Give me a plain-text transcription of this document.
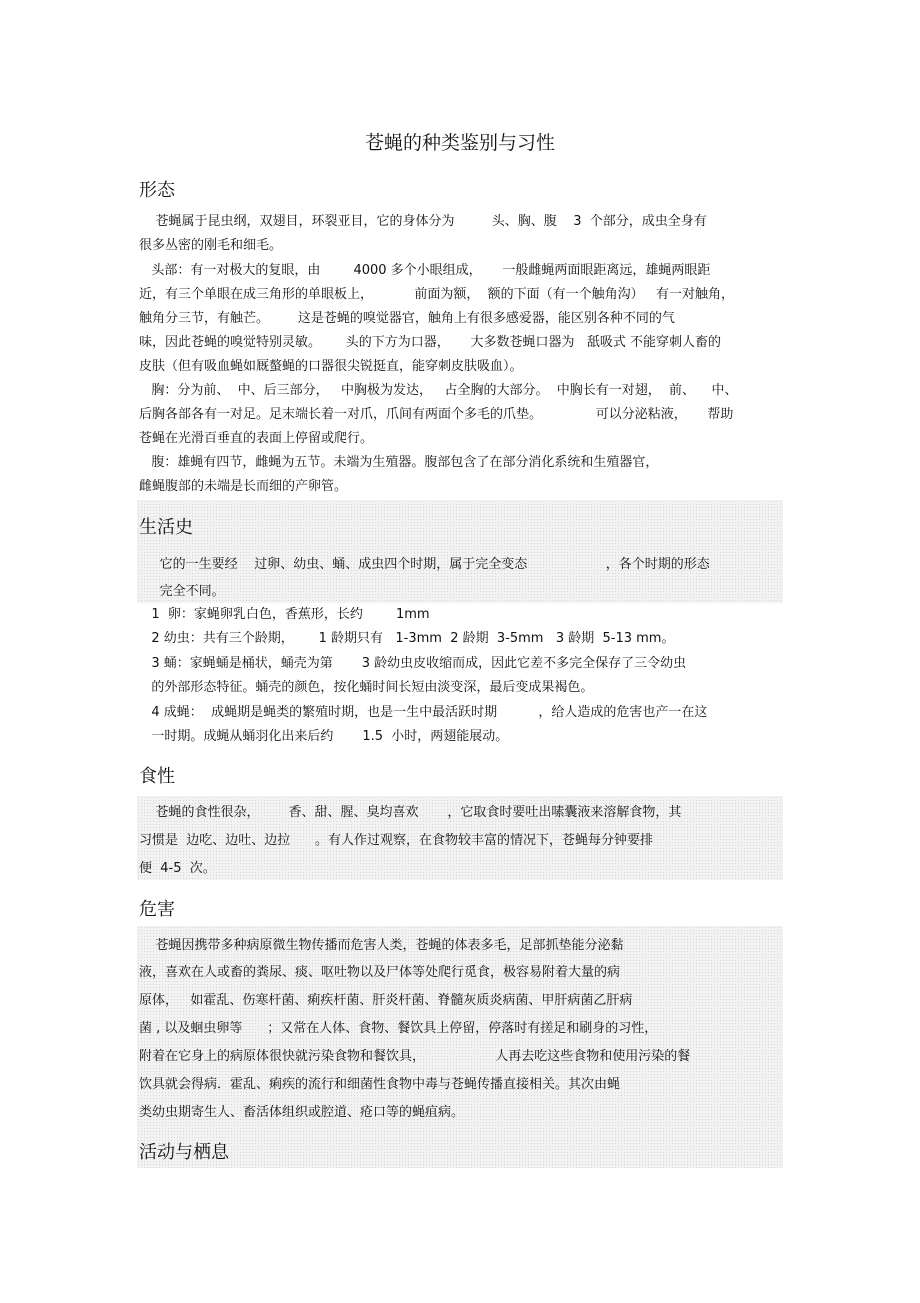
苍蝇的种类鉴别与习性
形态
苍蝇属于昆虫纲，双翅目，环裂亚目，它的身体分为         头、胸、腹    3  个部分，成虫全身有
很多丛密的刚毛和细毛。
头部：有一对极大的复眼，由        4000 多个小眼组成，     一般雌蝇两面眼距离远，雄蝇两眼距
近，有三个单眼在成三角形的单眼板上，          前面为额，  额的下面（有一个触角沟）   有一对触角，
触角分三节，有触芒。       这是苍蝇的嗅觉器官，触角上有很多感爱器，能区别各种不同的气
味，因此苍蝇的嗅觉特别灵敏。      头的下方为口器，     大多数苍蝇口器为   舐吸式 不能穿刺人畜的
皮肤（但有吸血蝇如厩螯蝇的口器很尖锐挺直，能穿刺皮肤吸血）。
胸：分为前、  中、后三部分，   中胸极为发达，   占全胸的大部分。  中胸长有一对翅，  前、    中、
后胸各部各有一对足。足末端长着一对爪，爪间有两面个多毛的爪垫。             可以分泌粘液，     帮助
苍蝇在光滑百垂直的表面上停留或爬行。
腹：雄蝇有四节，雌蝇为五节。未端为生殖器。腹部包含了在部分消化系统和生殖器官，
雌蝇腹部的未端是长而细的产卵管。
生活史
它的一生要经    过卵、幼虫、蛹、成虫四个时期，属于完全变态                   ，各个时期的形态
完全不同。
1  卵：家蝇卵乳白色，香蕉形，长约        1mm
2 幼虫：共有三个龄期，      1 龄期只有   1-3mm  2 龄期  3-5mm   3 龄期  5-13 mm。
3 蛹：家蝇蛹是桶状，蛹壳为第       3 龄幼虫皮收缩而成，因此它差不多完全保存了三令幼虫
的外部形态特征。蛹壳的颜色，按化蛹时间长短由淡变深，最后变成果褐色。
4 成蝇：  成蝇期是蝇类的繁殖时期，也是一生中最活跃时期          ，给人造成的危害也产一在这
一时期。成蝇从蛹羽化出来后约       1.5  小时，两翅能展动。
食性
苍蝇的食性很杂，       香、甜、腥、臭均喜欢       ，它取食时要吐出嗉囊液来溶解食物，其
习惯是  边吃、边吐、边拉      。有人作过观察，在食物较丰富的情况下，苍蝇每分钟要排
便  4-5  次。
危害
苍蝇因携带多种病原微生物传播而危害人类，苍蝇的体表多毛，足部抓垫能分泌黏
液，喜欢在人或畜的粪尿、痰、呕吐物以及尸体等处爬行觅食，极容易附着大量的病
原体，   如霍乱、伤寒杆菌、痢疾杆菌、肝炎杆菌、脊髓灰质炎病菌、甲肝病菌乙肝病
菌 , 以及蛔虫卵等      ；又常在人体、食物、餐饮具上停留，停落时有搓足和刷身的习性，
附着在它身上的病原体很快就污染食物和餐饮具，                 人再去吃这些食物和使用污染的餐
饮具就会得病．霍乱、痢疾的流行和细菌性食物中毒与苍蝇传播直接相关。其次由蝇
类幼虫期寄生人、畜活体组织或腔道、疮口等的蝇疽病。
活动与栖息
